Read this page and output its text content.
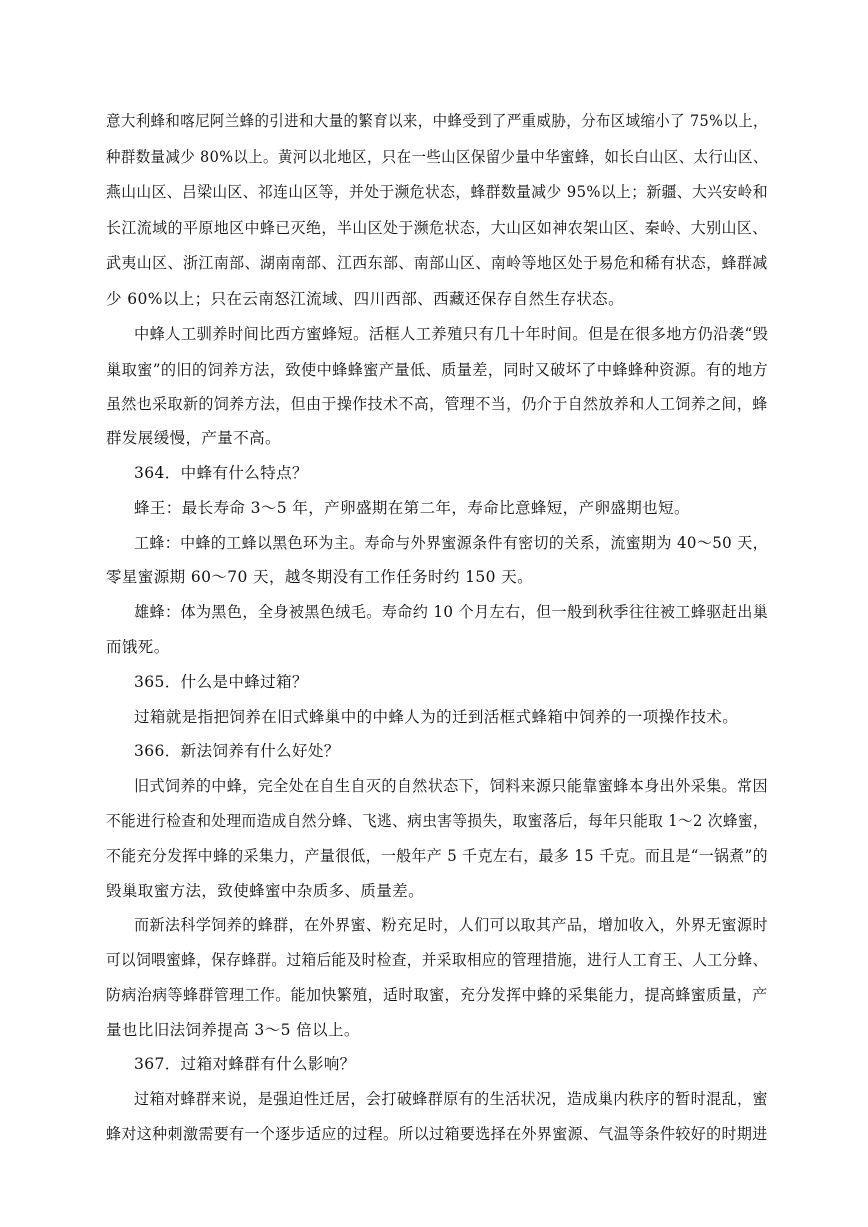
意大利蜂和喀尼阿兰蜂的引进和大量的繁育以来，中蜂受到了严重威胁，分布区域缩小了 75%以上，
种群数量减少 80%以上。黄河以北地区，只在一些山区保留少量中华蜜蜂，如长白山区、太行山区、
燕山山区、吕梁山区、祁连山区等，并处于濒危状态，蜂群数量减少 95%以上；新疆、大兴安岭和
长江流域的平原地区中蜂已灭绝，半山区处于濒危状态，大山区如神农架山区、秦岭、大别山区、
武夷山区、浙江南部、湖南南部、江西东部、南部山区、南岭等地区处于易危和稀有状态，蜂群减
少 60%以上；只在云南怒江流域、四川西部、西藏还保存自然生存状态。
中蜂人工驯养时间比西方蜜蜂短。活框人工养殖只有几十年时间。但是在很多地方仍沿袭“毁
巢取蜜”的旧的饲养方法，致使中蜂蜂蜜产量低、质量差，同时又破坏了中蜂蜂种资源。有的地方
虽然也采取新的饲养方法，但由于操作技术不高，管理不当，仍介于自然放养和人工饲养之间，蜂
群发展缓慢，产量不高。
364．中蜂有什么特点？
蜂王：最长寿命 3～5 年，产卵盛期在第二年，寿命比意蜂短，产卵盛期也短。
工蜂：中蜂的工蜂以黑色环为主。寿命与外界蜜源条件有密切的关系，流蜜期为 40～50 天，
零星蜜源期 60～70 天，越冬期没有工作任务时约 150 天。
雄蜂：体为黑色，全身被黑色绒毛。寿命约 10 个月左右，但一般到秋季往往被工蜂驱赶出巢
而饿死。
365．什么是中蜂过箱？
过箱就是指把饲养在旧式蜂巢中的中蜂人为的迁到活框式蜂箱中饲养的一项操作技术。
366．新法饲养有什么好处？
旧式饲养的中蜂，完全处在自生自灭的自然状态下，饲料来源只能靠蜜蜂本身出外采集。常因
不能进行检查和处理而造成自然分蜂、飞逃、病虫害等损失，取蜜落后，每年只能取 1～2 次蜂蜜，
不能充分发挥中蜂的采集力，产量很低，一般年产 5 千克左右，最多 15 千克。而且是“一锅煮”的
毁巢取蜜方法，致使蜂蜜中杂质多、质量差。
而新法科学饲养的蜂群，在外界蜜、粉充足时，人们可以取其产品，增加收入，外界无蜜源时
可以饲喂蜜蜂，保存蜂群。过箱后能及时检查，并采取相应的管理措施，进行人工育王、人工分蜂、
防病治病等蜂群管理工作。能加快繁殖，适时取蜜，充分发挥中蜂的采集能力，提高蜂蜜质量，产
量也比旧法饲养提高 3～5 倍以上。
367．过箱对蜂群有什么影响？
过箱对蜂群来说，是强迫性迁居，会打破蜂群原有的生活状况，造成巢内秩序的暂时混乱，蜜
蜂对这种刺激需要有一个逐步适应的过程。所以过箱要选择在外界蜜源、气温等条件较好的时期进
